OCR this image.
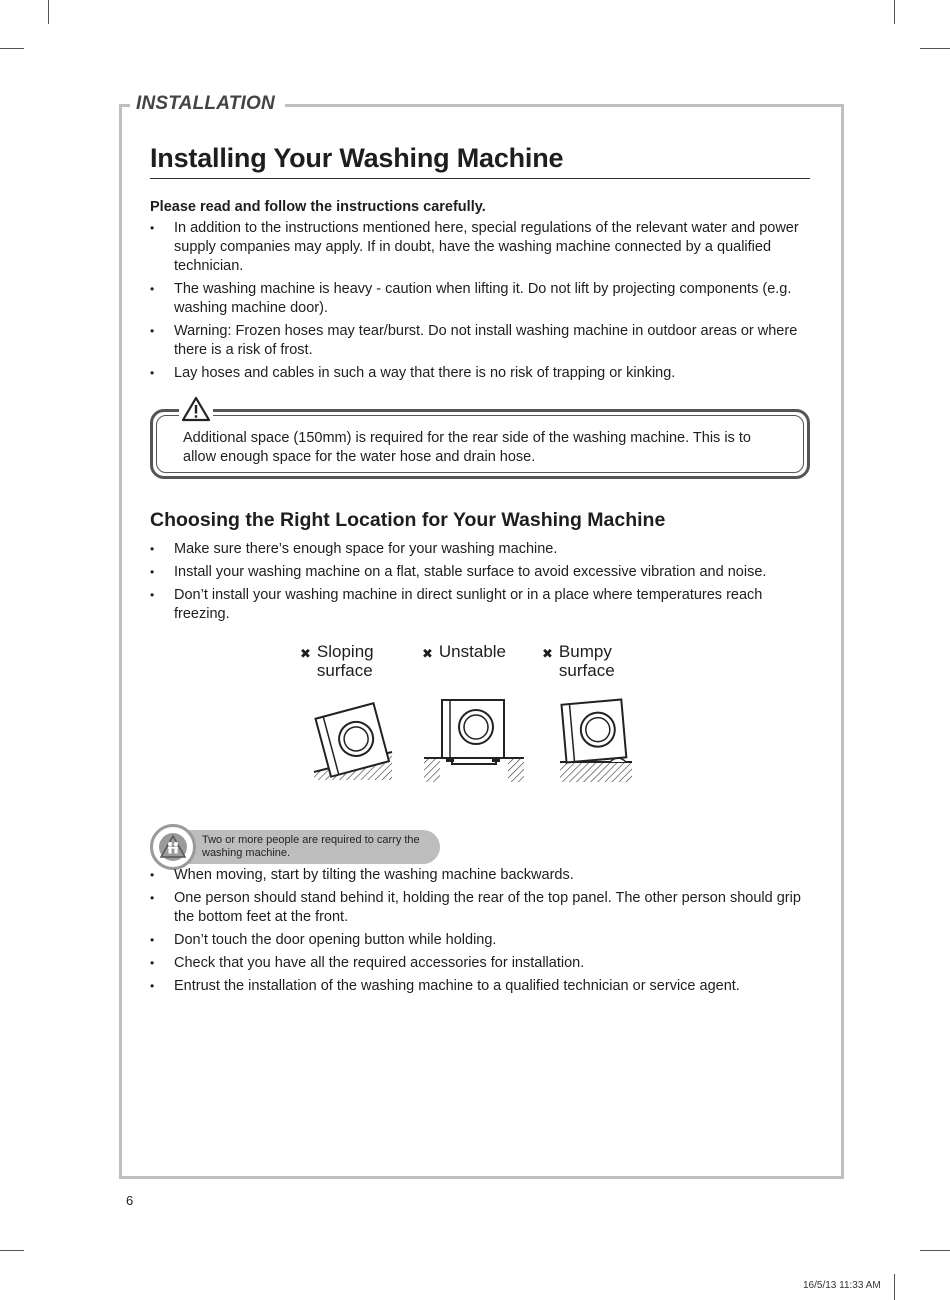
INSTALLATION
Installing Your Washing Machine

Please read and follow the instructions carefully.

• In addition to the instructions mentioned here, special regulations of the relevant water and power supply companies may apply. If in doubt, have the washing machine connected by a qualified technician.
• The washing machine is heavy - caution when lifting it. Do not lift by projecting components (e.g. washing machine door).
• Warning: Frozen hoses may tear/burst. Do not install washing machine in outdoor areas or where there is a risk of frost.
• Lay hoses and cables in such a way that there is no risk of trapping or kinking.
Additional space (150mm) is required for the rear side of the washing machine. This is to allow enough space for the water hose and drain hose.
Choosing the Right Location for Your Washing Machine
• Make sure there’s enough space for your washing machine.
• Install your washing machine on a flat, stable surface to avoid excessive vibration and noise.
• Don’t install your washing machine in direct sunlight or in a place where temperatures reach freezing.
✖ Sloping
surface
✖ Unstable	✖ Bumpy
surface
Two or more people are required to carry the washing machine.
• When moving, start by tilting the washing machine backwards.
• One person should stand behind it, holding the rear of the top panel. The other person should grip the bottom feet at the front.
• Don’t touch the door opening button while holding.
• Check that you have all the required accessories for installation.
• Entrust the installation of the washing machine to a qualified technician or service agent.
6
16/5/13 11:33 AM
